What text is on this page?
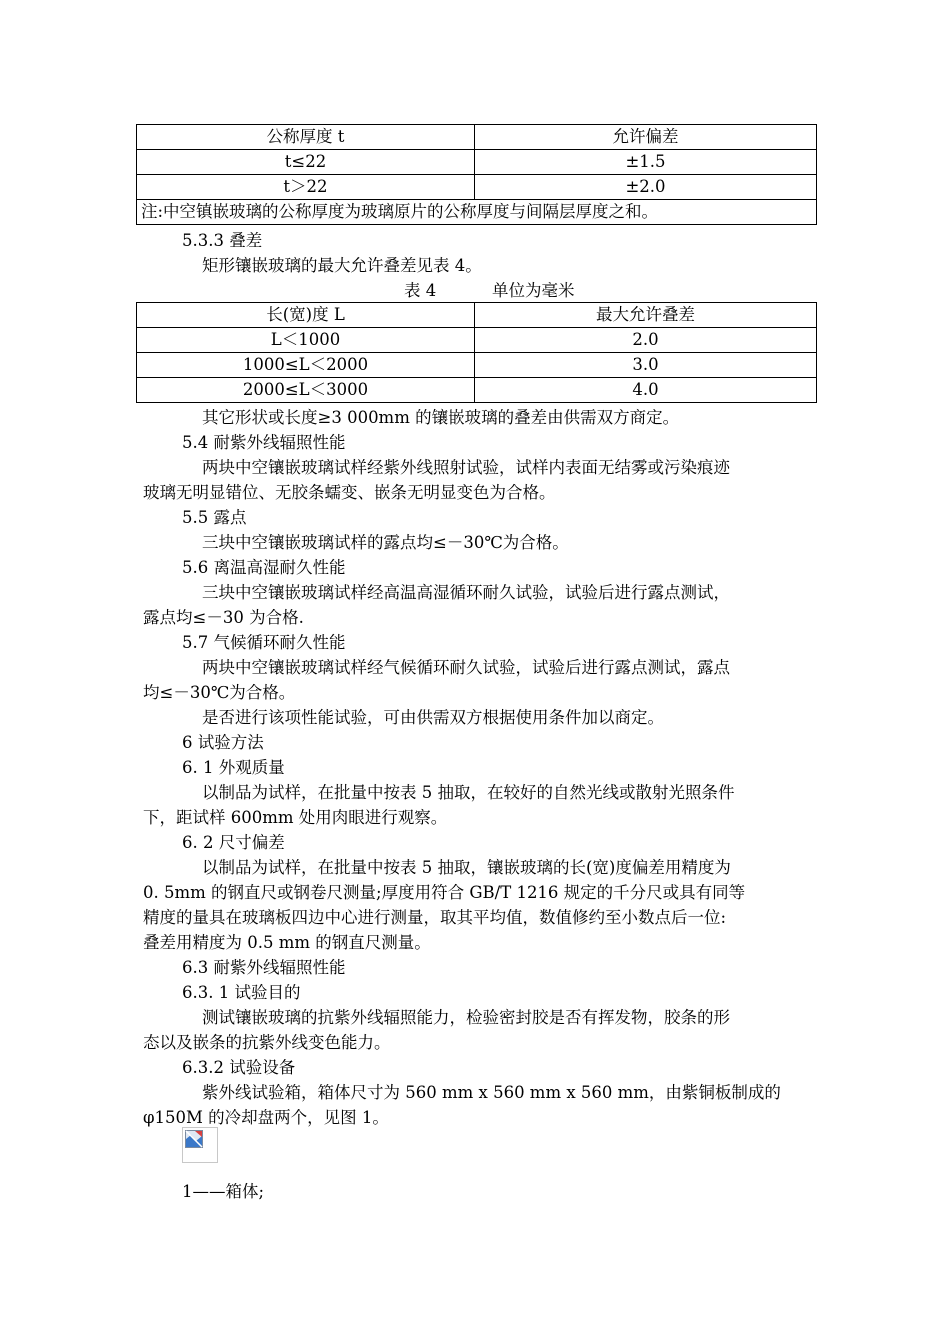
公称厚度 t	允许偏差
t≤22	±1.5
t＞22	±2.0
注:中空镇嵌玻璃的公称厚度为玻璃原片的公称厚度与间隔层厚度之和。	
5.3.3 叠差
矩形镶嵌玻璃的最大允许叠差见表 4。
表 4	单位为毫米
长(宽)度 L	最大允许叠差
L＜1000	2.0
1000≤L＜2000	3.0
2000≤L＜3000	4.0
其它形状或长度≥3 000mm 的镶嵌玻璃的叠差由供需双方商定。
5.4 耐紫外线辐照性能
两块中空镶嵌玻璃试样经紫外线照射试验，试样内表面无结雾或污染痕迹
玻璃无明显错位、无胶条蠕变、嵌条无明显变色为合格。
5.5 露点
三块中空镶嵌玻璃试样的露点均≤－30℃为合格。
5.6 离温高湿耐久性能
三块中空镶嵌玻璃试样经高温高湿循环耐久试验，试验后进行露点测试，
露点均≤－30 为合格.
5.7 气候循环耐久性能
两块中空镶嵌玻璃试样经气候循环耐久试验，试验后进行露点测试，露点
均≤－30℃为合格。
是否进行该项性能试验，可由供需双方根据使用条件加以商定。
6 试验方法
6. 1 外观质量
以制品为试样，在批量中按表 5 抽取，在较好的自然光线或散射光照条件
下，距试样 600mm 处用肉眼进行观察。
6. 2 尺寸偏差
以制品为试样，在批量中按表 5 抽取，镶嵌玻璃的长(宽)度偏差用精度为
0. 5mm 的钢直尺或钢卷尺测量;厚度用符合 GB/T 1216 规定的千分尺或具有同等
精度的量具在玻璃板四边中心进行测量，取其平均值，数值修约至小数点后一位:
叠差用精度为 0.5 mm 的钢直尺测量。
6.3 耐紫外线辐照性能
6.3. 1 试验目的
测试镶嵌玻璃的抗紫外线辐照能力，检验密封胶是否有挥发物，胶条的形
态以及嵌条的抗紫外线变色能力。
6.3.2 试验设备
紫外线试验箱，箱体尺寸为 560 mm x 560 mm x 560 mm，由紫铜板制成的
φ150M 的冷却盘两个，见图 1。
1——箱体;
